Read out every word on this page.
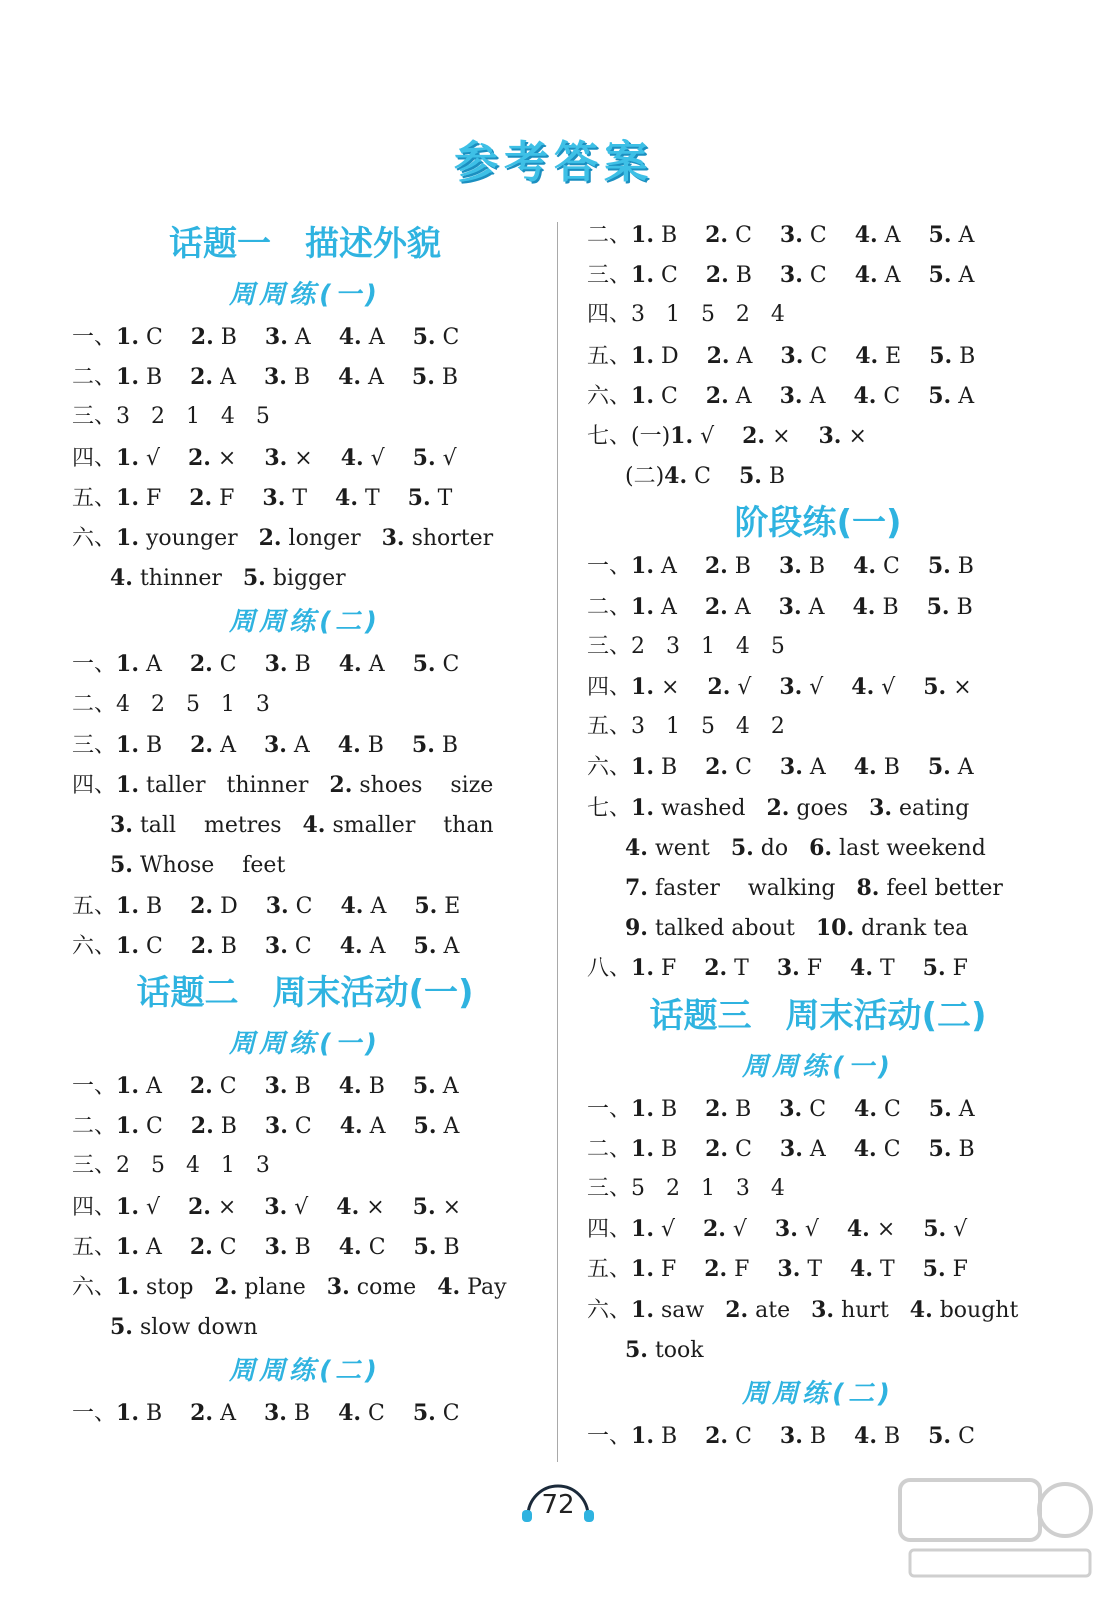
参考答案
话题一　描述外貌
周周练(一)
一、1. C    2. B    3. A    4. A    5. C
二、1. B    2. A    3. B    4. A    5. B
三、3   2   1   4   5
四、1. √    2. ×    3. ×    4. √    5. √
五、1. F    2. F    3. T    4. T    5. T
六、1. younger   2. longer   3. shorter
4. thinner   5. bigger
周周练(二)
一、1. A    2. C    3. B    4. A    5. C
二、4   2   5   1   3
三、1. B    2. A    3. A    4. B    5. B
四、1. taller   thinner   2. shoes    size
3. tall    metres   4. smaller    than
5. Whose    feet
五、1. B    2. D    3. C    4. A    5. E
六、1. C    2. B    3. C    4. A    5. A
话题二　周末活动(一)
周周练(一)
一、1. A    2. C    3. B    4. B    5. A
二、1. C    2. B    3. C    4. A    5. A
三、2   5   4   1   3
四、1. √    2. ×    3. √    4. ×    5. ×
五、1. A    2. C    3. B    4. C    5. B
六、1. stop   2. plane   3. come   4. Pay
5. slow down
周周练(二)
一、1. B    2. A    3. B    4. C    5. C
二、1. B    2. C    3. C    4. A    5. A
三、1. C    2. B    3. C    4. A    5. A
四、3   1   5   2   4
五、1. D    2. A    3. C    4. E    5. B
六、1. C    2. A    3. A    4. C    5. A
七、(一)1. √    2. ×    3. ×
(二)4. C    5. B
阶段练(一)
一、1. A    2. B    3. B    4. C    5. B
二、1. A    2. A    3. A    4. B    5. B
三、2   3   1   4   5
四、1. ×    2. √    3. √    4. √    5. ×
五、3   1   5   4   2
六、1. B    2. C    3. A    4. B    5. A
七、1. washed   2. goes   3. eating
4. went   5. do   6. last weekend
7. faster    walking   8. feel better
9. talked about   10. drank tea
八、1. F    2. T    3. F    4. T    5. F
话题三　周末活动(二)
周周练(一)
一、1. B    2. B    3. C    4. C    5. A
二、1. B    2. C    3. A    4. C    5. B
三、5   2   1   3   4
四、1. √    2. √    3. √    4. ×    5. √
五、1. F    2. F    3. T    4. T    5. F
六、1. saw   2. ate   3. hurt   4. bought
5. took
周周练(二)
一、1. B    2. C    3. B    4. B    5. C
72
